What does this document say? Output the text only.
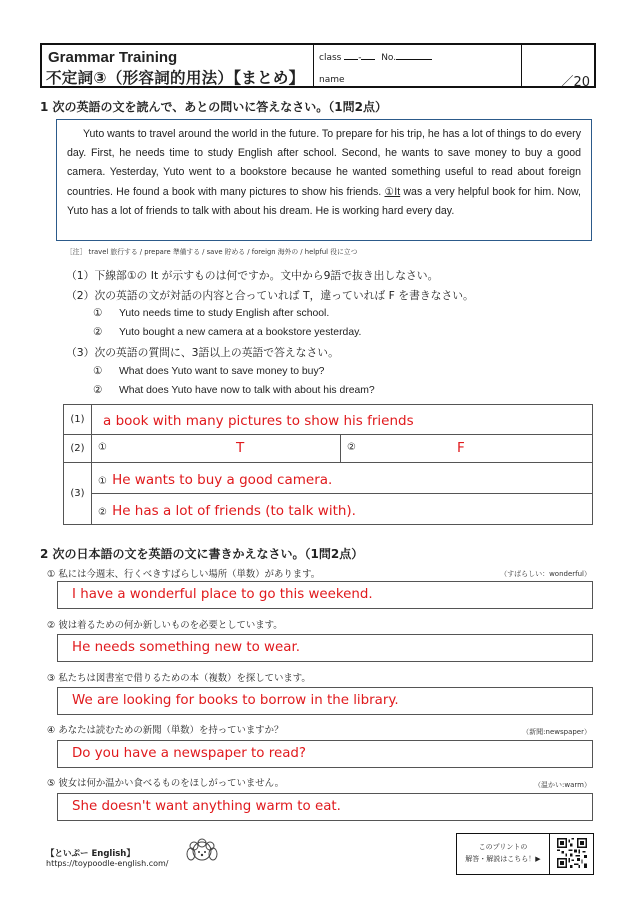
Grammar Training
不定詞③（形容詞的用法）【まとめ】
class - No.
name	／20
1 次の英語の文を読んで、あとの問いに答えなさい。（1問2点）

Yuto wants to travel around the world in the future. To prepare for his trip, he has a lot of things to do every day. First, he needs time to study English after school. Second, he wants to save money to buy a good camera. Yesterday, Yuto went to a bookstore because he wanted something useful to read about foreign countries. He found a book with many pictures to show his friends. ①It was a very helpful book for him. Now, Yuto has a lot of friends to talk with about his dream. He is working hard every day.

［注］ travel 旅行する / prepare 準備する / save 貯める / foreign 海外の / helpful 役に立つ
（1）下線部①の It が示すものは何ですか。文中から9語で抜き出しなさい。
（2）次の英語の文が対話の内容と合っていれば T，違っていれば F を書きなさい。
① Yuto needs time to study English after school.
② Yuto bought a new camera at a bookstore yesterday.
（3）次の英語の質問に、3語以上の英語で答えなさい。
① What does Yuto want to save money to buy?
② What does Yuto have now to talk with about his dream?
(1)	a book with many pictures to show his friends	
(2)	① T	② F

(3)	① He wants to buy a good camera.	
	② He has a lot of friends (to talk with).	
2 次の日本語の文を英語の文に書きかえなさい。（1問2点）
① 私には今週末、行くべきすばらしい場所（単数）があります。	（すばらしい：wonderful）
I have a wonderful place to go this weekend.
② 彼は着るための何か新しいものを必要としています。
He needs something new to wear.
③ 私たちは図書室で借りるための本（複数）を探しています。
We are looking for books to borrow in the library.
④ あなたは読むための新聞（単数）を持っていますか？	（新聞:newspaper）
Do you have a newspaper to read?
⑤ 彼女は何か温かい食べるものをほしがっていません。	（温かい:warm）
She doesn't want anything warm to eat.
【といぷー English】
https://toypoodle-english.com/
このプリントの
解答・解説はこちら！▶
